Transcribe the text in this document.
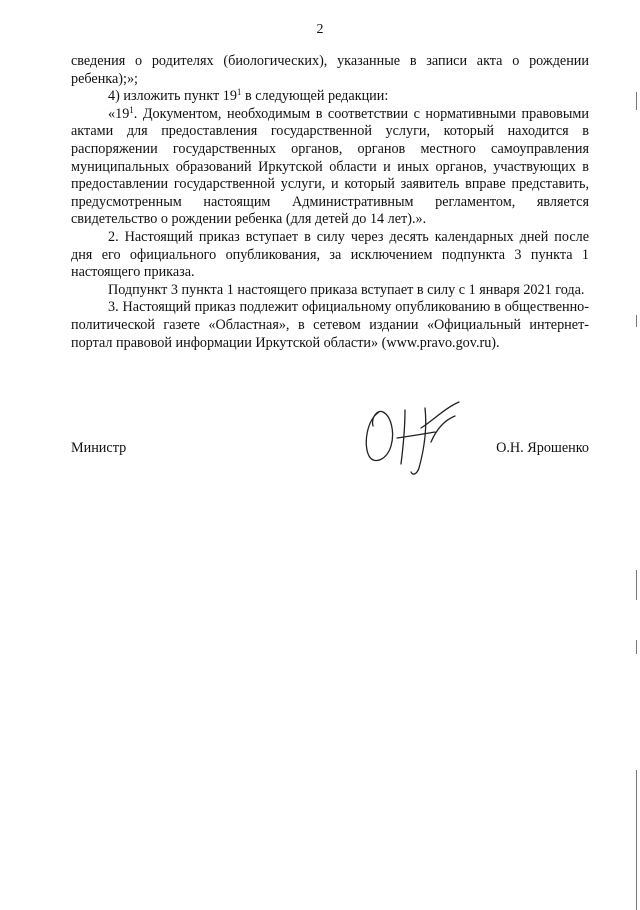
2

сведения о родителях (биологических), указанные в записи акта о рождении ребенка);»;

4) изложить пункт $19^1$ в следующей редакции:

«$19^1$. Документом, необходимым в соответствии с нормативными правовыми актами для предоставления государственной услуги, который находится в распоряжении государственных органов, органов местного самоуправления муниципальных образований Иркутской области и иных органов, участвующих в предоставлении государственной услуги, и который заявитель вправе представить, предусмотренным настоящим Административным регламентом, является свидетельство о рождении ребенка (для детей до 14 лет).».

2. Настоящий приказ вступает в силу через десять календарных дней после дня его официального опубликования, за исключением подпункта 3 пункта 1 настоящего приказа.

Подпункт 3 пункта 1 настоящего приказа вступает в силу с 1 января 2021 года.

3. Настоящий приказ подлежит официальному опубликованию в общественно-политической газете «Областная», в сетевом издании «Официальный интернет-портал правовой информации Иркутской области» (www.pravo.gov.ru).

Министр	О.Н. Ярошенко
